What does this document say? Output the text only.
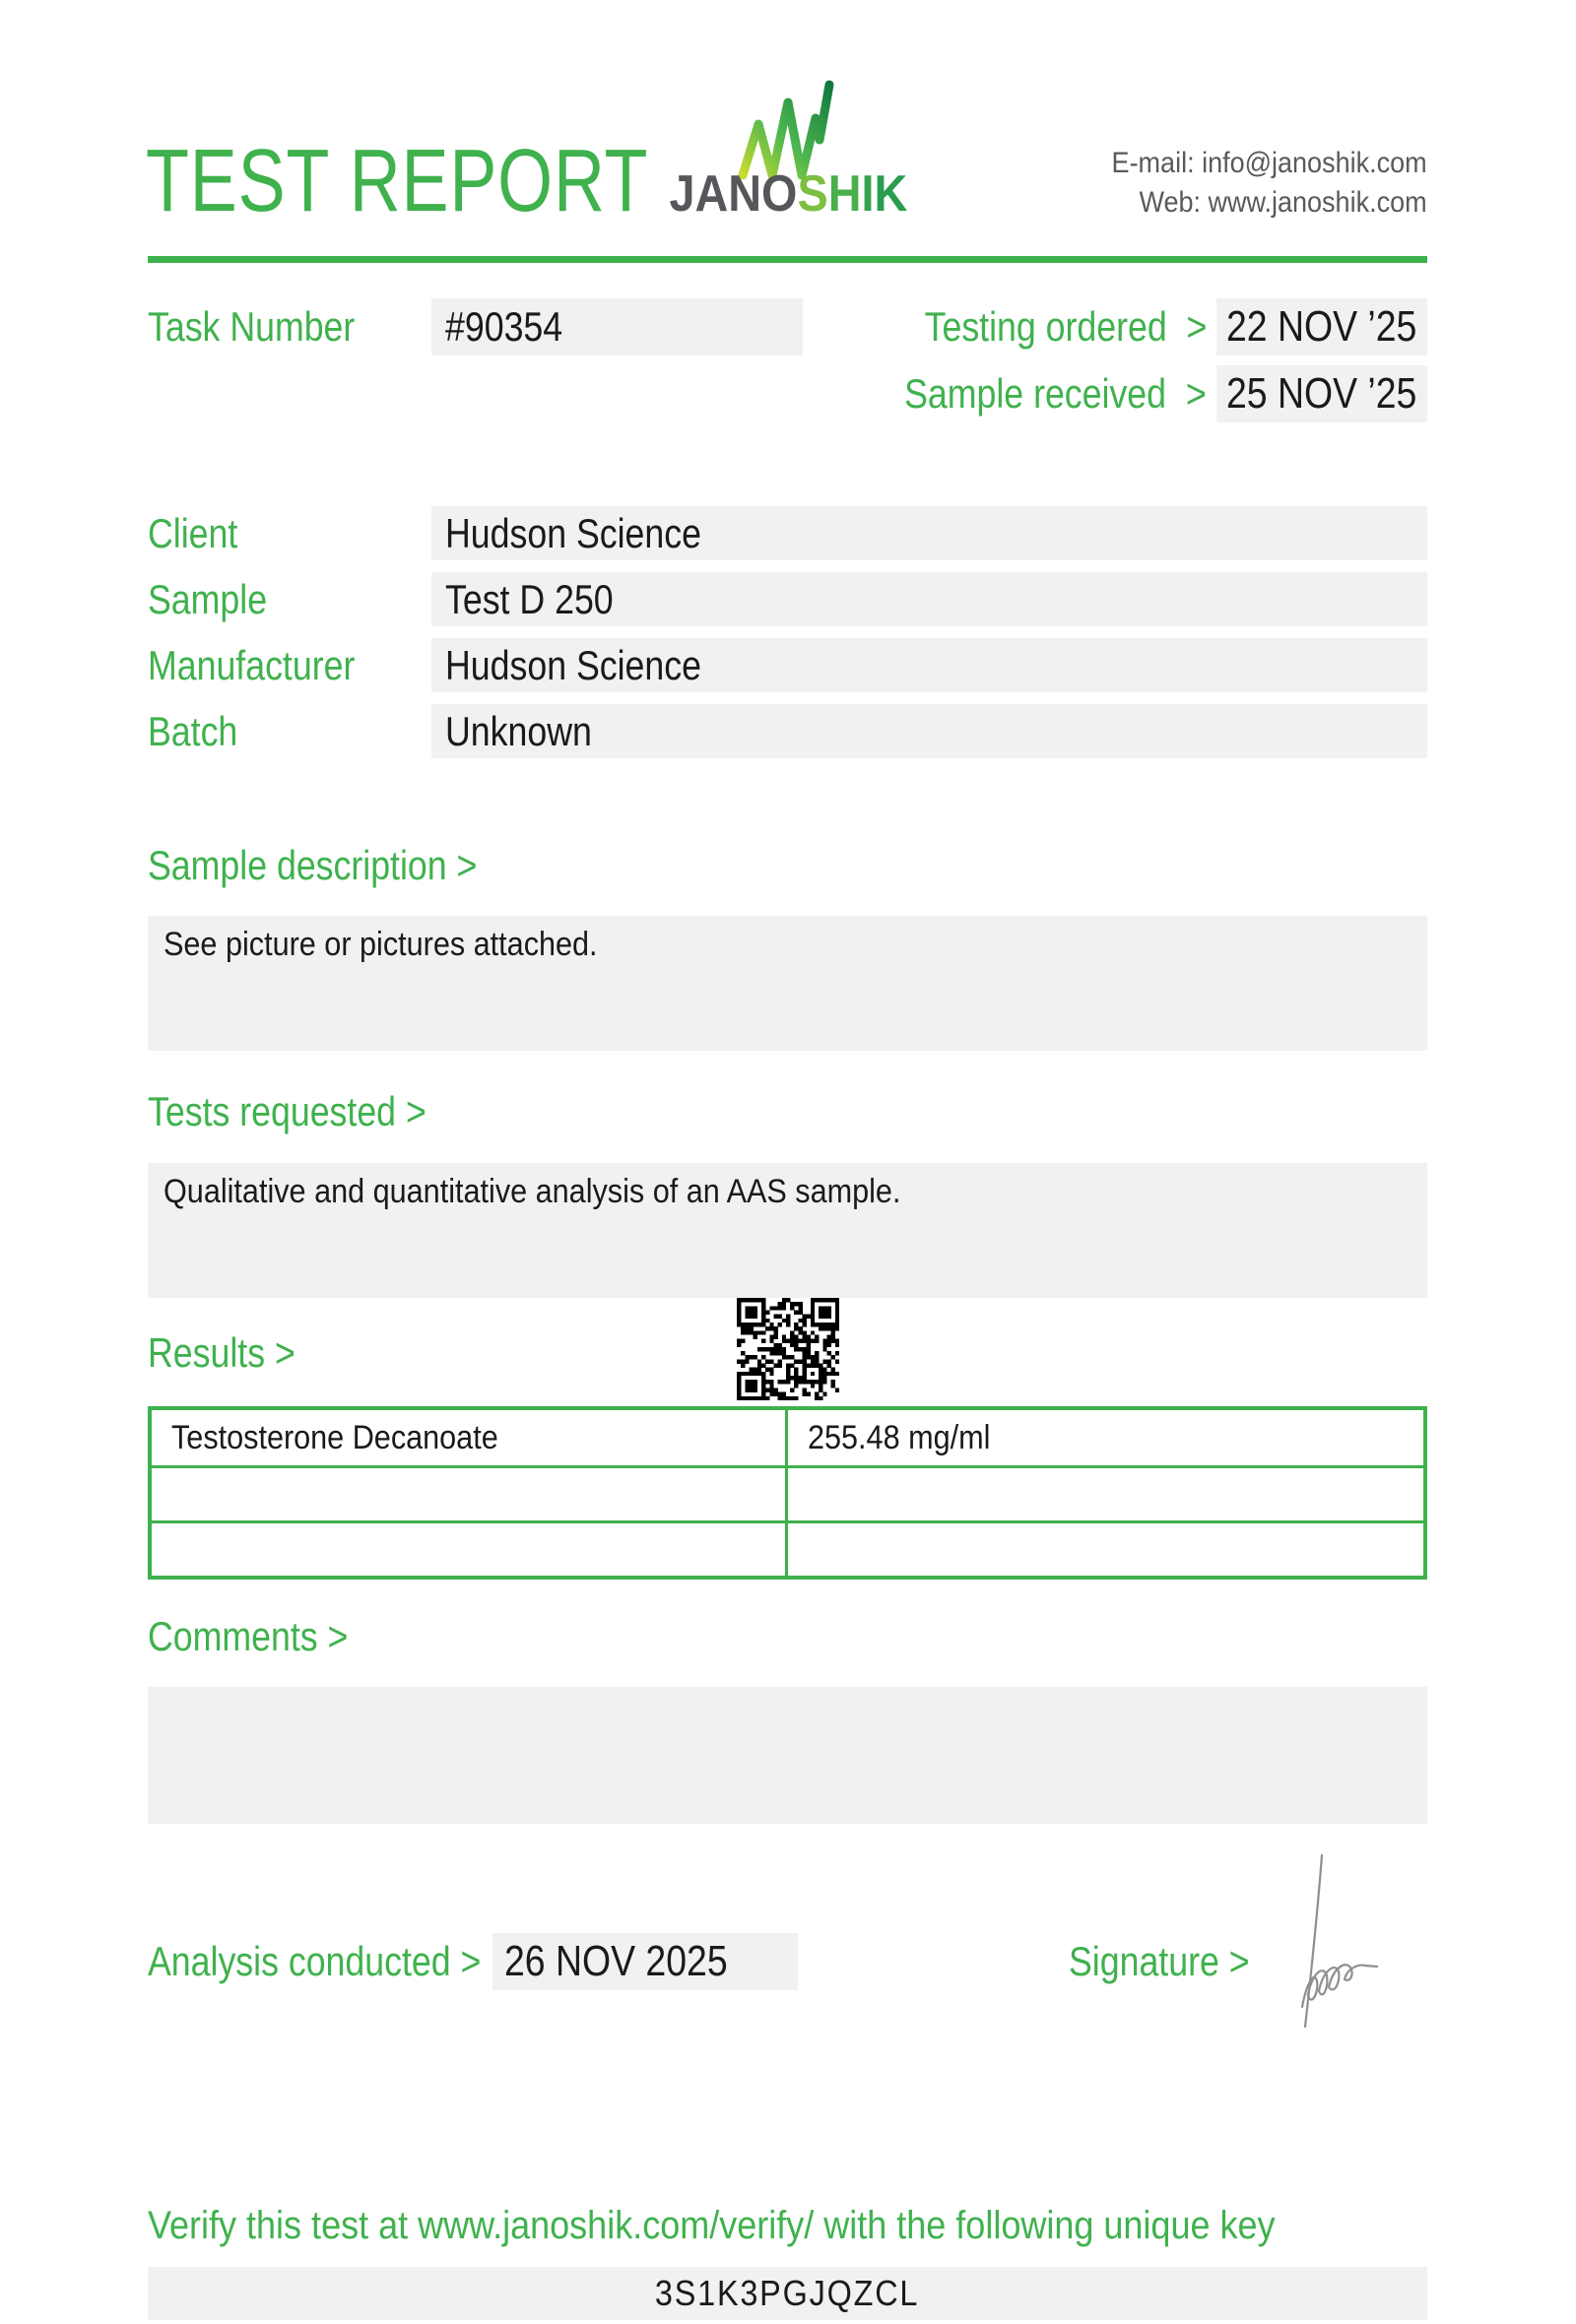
TEST REPORT JANOSHIK
E-mail: info@janoshik.com
Web: www.janoshik.com
Task Number #90354	Testing ordered > 22 NOV ’25
Sample received > 25 NOV ’25
Client	Hudson Science
Sample	Test D 250
Manufacturer Hudson Science
Batch	Unknown
Sample description >
See picture or pictures attached.
Tests requested >
Qualitative and quantitative analysis of an AAS sample.
Results >
Testosterone Decanoate	255.48 mg/ml
Comments >
Analysis conducted > 26 NOV 2025	Signature >
Verify this test at www.janoshik.com/verify/ with the following unique key
3S1K3PGJQZCL
